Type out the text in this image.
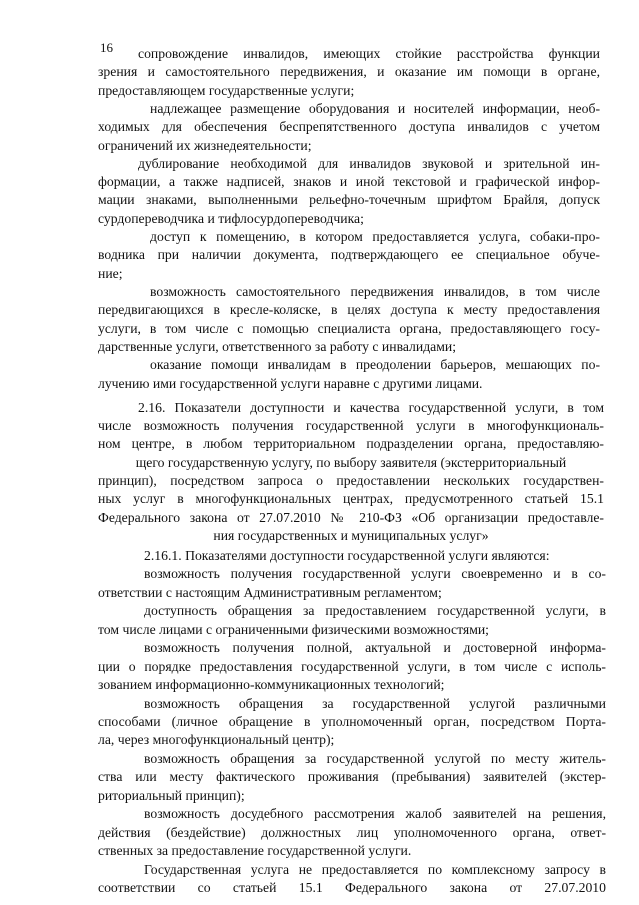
16 сопровождение инвалидов, имеющих стойкие расстройства функции
зрения и самостоятельного передвижения, и оказание им помощи в органе,
предоставляющем государственные услуги;
надлежащее размещение оборудования и носителей информации, необ-
ходимых для обеспечения беспрепятственного доступа инвалидов с учетом
ограничений их жизнедеятельности;
дублирование необходимой для инвалидов звуковой и зрительной ин-
формации, а также надписей, знаков и иной текстовой и графической инфор-
мации знаками, выполненными рельефно-точечным шрифтом Брайля, допуск
сурдопереводчика и тифлосурдопереводчика;
доступ к помещению, в котором предоставляется услуга, собаки-про-
водника при наличии документа, подтверждающего ее специальное обуче-
ние;
возможность самостоятельного передвижения инвалидов, в том числе
передвигающихся в кресле-коляске, в целях доступа к месту предоставления
услуги, в том числе с помощью специалиста органа, предоставляющего госу-
дарственные услуги, ответственного за работу с инвалидами;
оказание помощи инвалидам в преодолении барьеров, мешающих по-
лучению ими государственной услуги наравне с другими лицами.
2.16. Показатели доступности и качества государственной услуги, в том
числе возможность получения государственной услуги в многофункциональ-
ном центре, в любом территориальном подразделении органа, предоставляю-
щего государственную услугу, по выбору заявителя (экстерриториальный
принцип), посредством запроса о предоставлении нескольких государствен-
ных услуг в многофункциональных центрах, предусмотренного статьей 15.1
Федерального закона от 27.07.2010 № 210-ФЗ «Об организации предоставле-
ния государственных и муниципальных услуг»
2.16.1. Показателями доступности государственной услуги являются:
возможность получения государственной услуги своевременно и в со-
ответствии с настоящим Административным регламентом;
доступность обращения за предоставлением государственной услуги, в
том числе лицами с ограниченными физическими возможностями;
возможность получения полной, актуальной и достоверной информа-
ции о порядке предоставления государственной услуги, в том числе с исполь-
зованием информационно-коммуникационных технологий;
возможность обращения за государственной услугой различными
способами (личное обращение в уполномоченный орган, посредством Порта-
ла, через многофункциональный центр);
возможность обращения за государственной услугой по месту житель-
ства или месту фактического проживания (пребывания) заявителей (экстер-
риториальный принцип);
возможность досудебного рассмотрения жалоб заявителей на решения,
действия (бездействие) должностных лиц уполномоченного органа, ответ-
ственных за предоставление государственной услуги.
Государственная услуга не предоставляется по комплексному запросу в
соответствии со статьей 15.1 Федерального закона от 27.07.2010
